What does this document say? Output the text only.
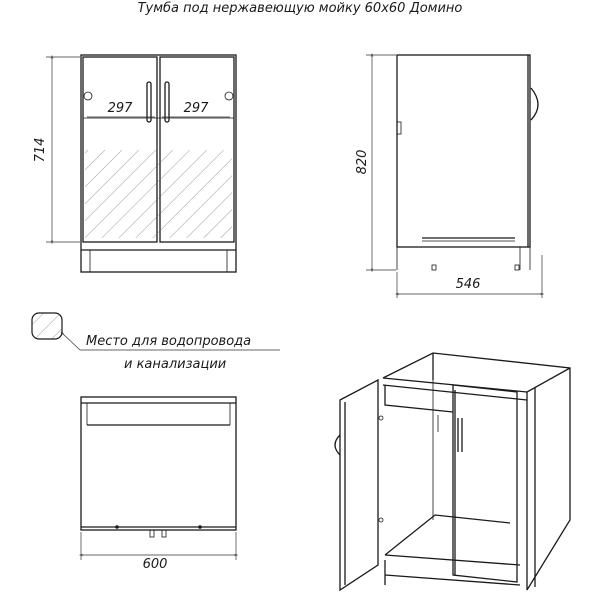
Тумба под нержавеющую мойку 60х60 Домино
297	297
714	820
546
Место для водопровода
и канализации
600
